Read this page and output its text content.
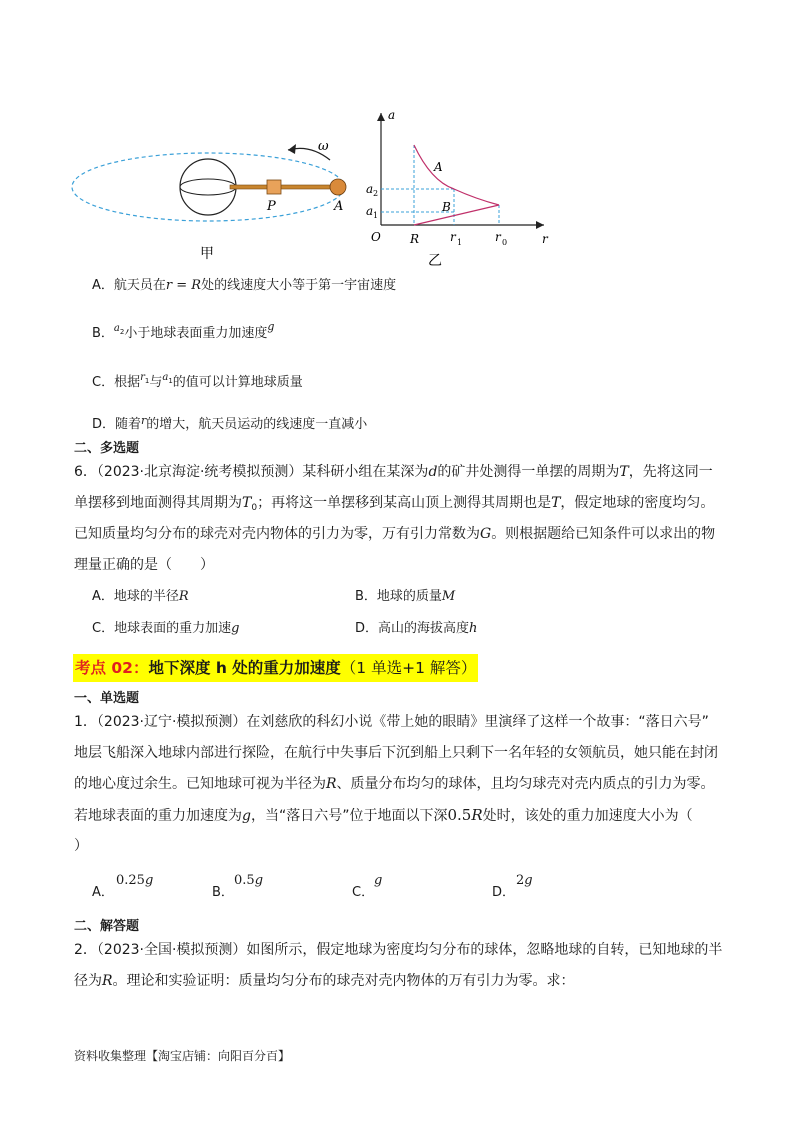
ω
P	A
甲
a
r
O R	r 1	r 0
a 2
a 1
A
B
乙
A．航天员在r = R处的线速度大小等于第一宇宙速度
B．$^{a2}$小于地球表面重力加速度$^g$
C．根据$^{r1}$与$^{a1}$的值可以计算地球质量
D．随着$^r$的增大，航天员运动的线速度一直减小
二、多选题
6．（2023·北京海淀·统考模拟预测）某科研小组在某深为d的矿井处测得一单摆的周期为T，先将这同一
单摆移到地面测得其周期为$T_0$；再将这一单摆移到某高山顶上测得其周期也是T，假定地球的密度均匀。
已知质量均匀分布的球壳对壳内物体的引力为零，万有引力常数为G。则根据题给已知条件可以求出的物
理量正确的是（　　）
A．地球的半径R	B．地球的质量M
C．地球表面的重力加速g	D．高山的海拔高度h
考点 02：地下深度 h 处的重力加速度（1 单选+1 解答）
一、单选题
1．（2023·辽宁·模拟预测）在刘慈欣的科幻小说《带上她的眼睛》里演绎了这样一个故事：“落日六号”
地层飞船深入地球内部进行探险，在航行中失事后下沉到船上只剩下一名年轻的女领航员，她只能在封闭
的地心度过余生。已知地球可视为半径为R、质量分布均匀的球体，且均匀球壳对壳内质点的引力为零。
若地球表面的重力加速度为g，当“落日六号”位于地面以下深0.5R处时，该处的重力加速度大小为（
）
A．
0.25g
B．
0.5g
C．
g
D．
2g
二、解答题
2．（2023·全国·模拟预测）如图所示，假定地球为密度均匀分布的球体，忽略地球的自转，已知地球的半
径为R。理论和实验证明：质量均匀分布的球壳对壳内物体的万有引力为零。求：
资料收集整理【淘宝店铺：向阳百分百】
